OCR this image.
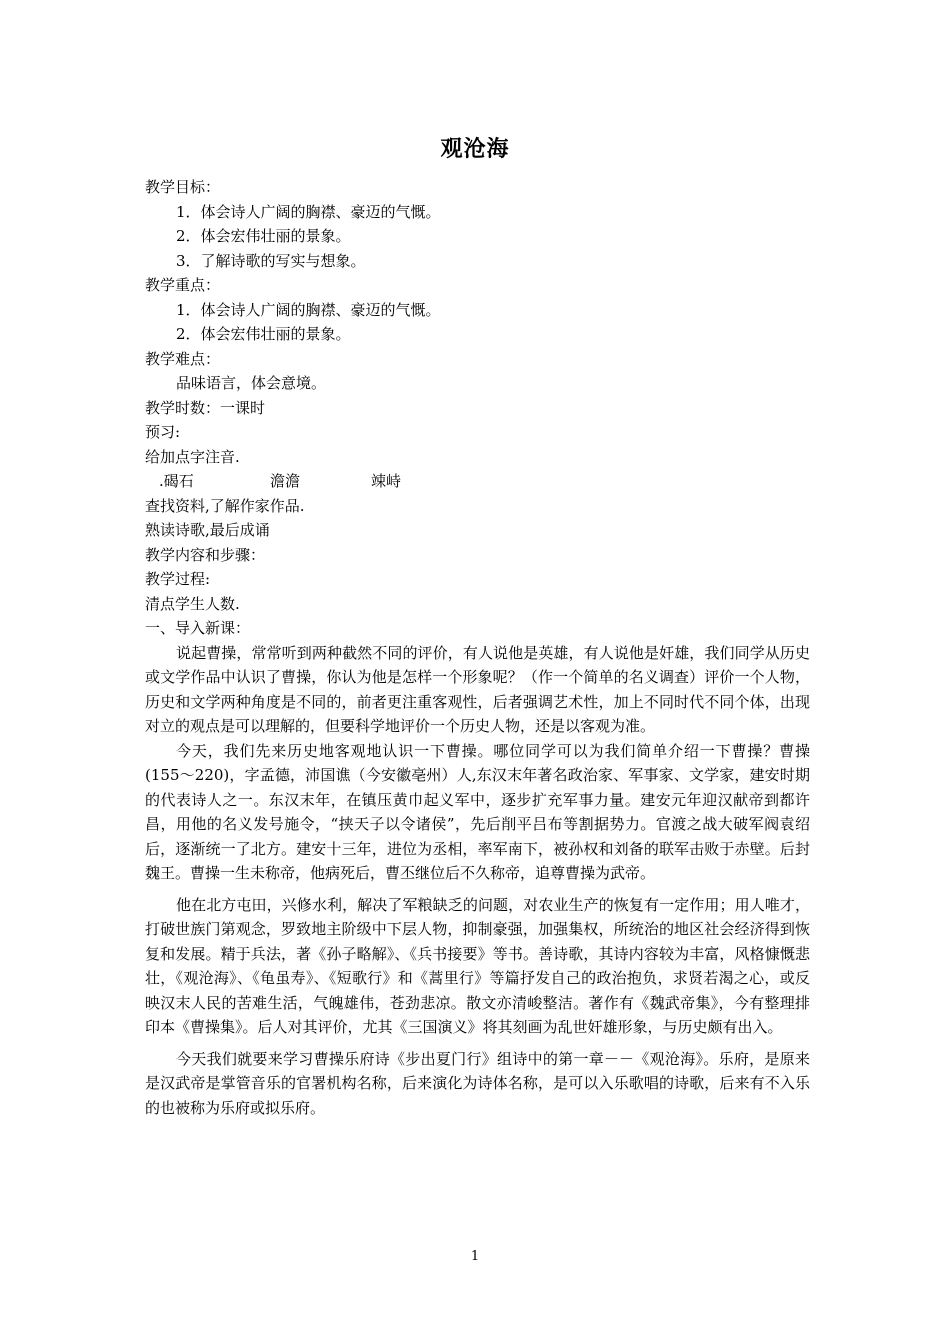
观沧海
教学目标：
1．体会诗人广阔的胸襟、豪迈的气慨。
2．体会宏伟壮丽的景象。
3．了解诗歌的写实与想象。
教学重点：
1．体会诗人广阔的胸襟、豪迈的气慨。
2．体会宏伟壮丽的景象。
教学难点：
品味语言，体会意境。
教学时数：一课时
预习:
给加点字注音.
.碣石	澹澹	竦峙
查找资料,了解作家作品.
熟读诗歌,最后成诵
教学内容和步骤：
教学过程:
清点学生人数.
一、导入新课：

说起曹操，常常听到两种截然不同的评价，有人说他是英雄，有人说他是奸雄，我们同学从历史或文学作品中认识了曹操，你认为他是怎样一个形象呢？（作一个简单的名义调查）评价一个人物，历史和文学两种角度是不同的，前者更注重客观性，后者强调艺术性，加上不同时代不同个体，出现对立的观点是可以理解的，但要科学地评价一个历史人物，还是以客观为准。

今天，我们先来历史地客观地认识一下曹操。哪位同学可以为我们简单介绍一下曹操？曹操(155～220)，字孟德，沛国谯（今安徽亳州）人,东汉末年著名政治家、军事家、文学家，建安时期的代表诗人之一。东汉末年，在镇压黄巾起义军中，逐步扩充军事力量。建安元年迎汉献帝到都许昌，用他的名义发号施令，“挟天子以令诸侯”，先后削平吕布等割据势力。官渡之战大破军阀袁绍后，逐渐统一了北方。建安十三年，进位为丞相，率军南下，被孙权和刘备的联军击败于赤壁。后封魏王。曹操一生未称帝，他病死后，曹丕继位后不久称帝，追尊曹操为武帝。

他在北方屯田，兴修水利，解决了军粮缺乏的问题，对农业生产的恢复有一定作用；用人唯才，打破世族门第观念，罗致地主阶级中下层人物，抑制豪强，加强集权，所统治的地区社会经济得到恢复和发展。精于兵法，著《孙子略解》、《兵书接要》等书。善诗歌，其诗内容较为丰富，风格慷慨悲壮，《观沧海》、《龟虽寿》、《短歌行》和《蒿里行》等篇抒发自己的政治抱负，求贤若渴之心，或反映汉末人民的苦难生活，气魄雄伟，苍劲悲凉。散文亦清峻整洁。著作有《魏武帝集》，今有整理排印本《曹操集》。后人对其评价，尤其《三国演义》将其刻画为乱世奸雄形象，与历史颇有出入。

今天我们就要来学习曹操乐府诗《步出夏门行》组诗中的第一章－－《观沧海》。乐府，是原来是汉武帝是掌管音乐的官署机构名称，后来演化为诗体名称，是可以入乐歌唱的诗歌，后来有不入乐的也被称为乐府或拟乐府。

1
